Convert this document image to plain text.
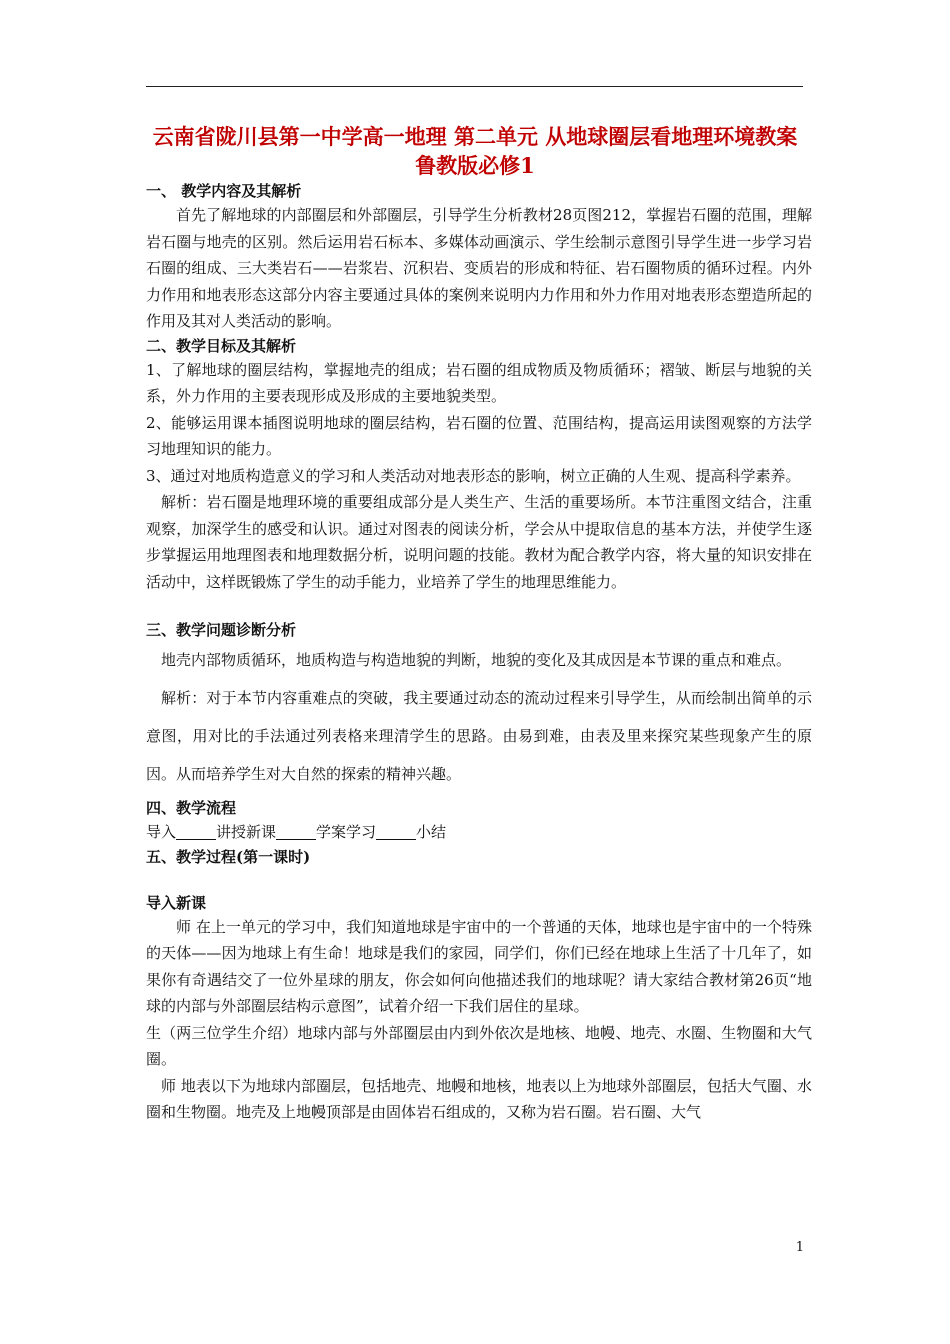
云南省陇川县第一中学高一地理 第二单元 从地球圈层看地理环境教案 鲁教版必修1

一、 教学内容及其解析

首先了解地球的内部圈层和外部圈层，引导学生分析教材28页图212，掌握岩石圈的范围，理解岩石圈与地壳的区别。然后运用岩石标本、多媒体动画演示、学生绘制示意图引导学生进一步学习岩石圈的组成、三大类岩石——岩浆岩、沉积岩、变质岩的形成和特征、岩石圈物质的循环过程。内外力作用和地表形态这部分内容主要通过具体的案例来说明内力作用和外力作用对地表形态塑造所起的作用及其对人类活动的影响。

二、教学目标及其解析

1、了解地球的圈层结构，掌握地壳的组成；岩石圈的组成物质及物质循环；褶皱、断层与地貌的关系，外力作用的主要表现形成及形成的主要地貌类型。

2、能够运用课本插图说明地球的圈层结构，岩石圈的位置、范围结构，提高运用读图观察的方法学习地理知识的能力。

3、通过对地质构造意义的学习和人类活动对地表形态的影响，树立正确的人生观、提高科学素养。

解析：岩石圈是地理环境的重要组成部分是人类生产、生活的重要场所。本节注重图文结合，注重观察，加深学生的感受和认识。通过对图表的阅读分析，学会从中提取信息的基本方法，并使学生逐步掌握运用地理图表和地理数据分析，说明问题的技能。教材为配合教学内容，将大量的知识安排在活动中，这样既锻炼了学生的动手能力，业培养了学生的地理思维能力。

三、教学问题诊断分析

地壳内部物质循环，地质构造与构造地貌的判断，地貌的变化及其成因是本节课的重点和难点。

解析：对于本节内容重难点的突破，我主要通过动态的流动过程来引导学生，从而绘制出简单的示意图，用对比的手法通过列表格来理清学生的思路。由易到难，由表及里来探究某些现象产生的原因。从而培养学生对大自然的探索的精神兴趣。

四、教学流程

导入	讲授新课	学案学习	小结

五、教学过程(第一课时)

导入新课

师 在上一单元的学习中，我们知道地球是宇宙中的一个普通的天体，地球也是宇宙中的一个特殊的天体——因为地球上有生命！地球是我们的家园，同学们，你们已经在地球上生活了十几年了，如果你有奇遇结交了一位外星球的朋友，你会如何向他描述我们的地球呢？请大家结合教材第26页“地球的内部与外部圈层结构示意图”，试着介绍一下我们居住的星球。

生（两三位学生介绍）地球内部与外部圈层由内到外依次是地核、地幔、地壳、水圈、生物圈和大气圈。

师 地表以下为地球内部圈层，包括地壳、地幔和地核，地表以上为地球外部圈层，包括大气圈、水圈和生物圈。地壳及上地幔顶部是由固体岩石组成的，又称为岩石圈。岩石圈、大气

1
